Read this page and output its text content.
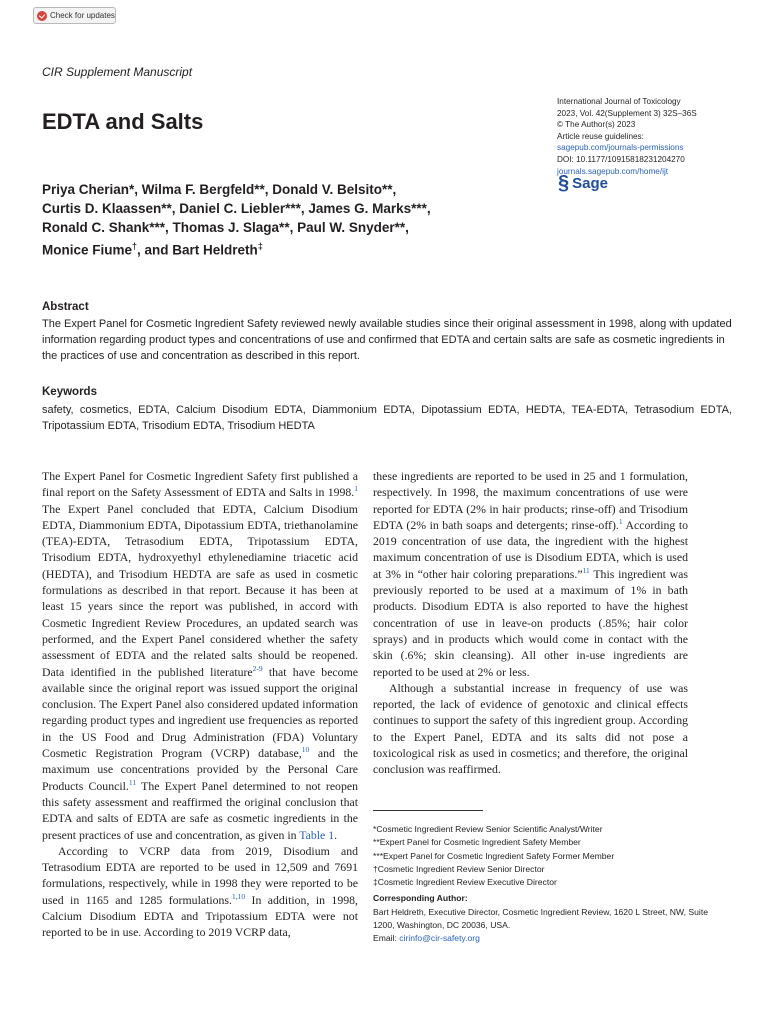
Check for updates
CIR Supplement Manuscript
EDTA and Salts
International Journal of Toxicology
2023, Vol. 42(Supplement 3) 32S–36S
© The Author(s) 2023
Article reuse guidelines:
sagepub.com/journals-permissions
DOI: 10.1177/10915818231204270
journals.sagepub.com/home/ijt
§ Sage
Priya Cherian*, Wilma F. Bergfeld**, Donald V. Belsito**,
Curtis D. Klaassen**, Daniel C. Liebler***, James G. Marks***,
Ronald C. Shank***, Thomas J. Slaga**, Paul W. Snyder**,
Monice Fiume†, and Bart Heldreth‡
Abstract
The Expert Panel for Cosmetic Ingredient Safety reviewed newly available studies since their original assessment in 1998, along with updated information regarding product types and concentrations of use and confirmed that EDTA and certain salts are safe as cosmetic ingredients in the practices of use and concentration as described in this report.
Keywords
safety, cosmetics, EDTA, Calcium Disodium EDTA, Diammonium EDTA, Dipotassium EDTA, HEDTA, TEA-EDTA, Tetrasodium EDTA, Tripotassium EDTA, Trisodium EDTA, Trisodium HEDTA

The Expert Panel for Cosmetic Ingredient Safety first published a final report on the Safety Assessment of EDTA and Salts in 1998.$^1$ The Expert Panel concluded that EDTA, Calcium Disodium EDTA, Diammonium EDTA, Dipotassium EDTA, triethanolamine (TEA)-EDTA, Tetrasodium EDTA, Tripotassium EDTA, Trisodium EDTA, hydroxyethyl ethylenediamine triacetic acid (HEDTA), and Trisodium HEDTA are safe as used in cosmetic formulations as described in that report. Because it has been at least 15 years since the report was published, in accord with Cosmetic Ingredient Review Procedures, an updated search was performed, and the Expert Panel considered whether the safety assessment of EDTA and the related salts should be reopened. Data identified in the published literature$^{2-9}$ that have become available since the original report was issued support the original conclusion. The Expert Panel also considered updated information regarding product types and ingredient use frequencies as reported in the US Food and Drug Administration (FDA) Voluntary Cosmetic Registration Program (VCRP) database,$^{10}$ and the maximum use concentrations provided by the Personal Care Products Council.$^{11}$ The Expert Panel determined to not reopen this safety assessment and reaffirmed the original conclusion that EDTA and salts of EDTA are safe as cosmetic ingredients in the present practices of use and concentration, as given in Table 1.

According to VCRP data from 2019, Disodium and Tetrasodium EDTA are reported to be used in 12,509 and 7691 formulations, respectively, while in 1998 they were reported to be used in 1165 and 1285 formulations.$^{1,10}$ In addition, in 1998, Calcium Disodium EDTA and Tripotassium EDTA were not reported to be in use. According to 2019 VCRP data,

these ingredients are reported to be used in 25 and 1 formulation, respectively. In 1998, the maximum concentrations of use were reported for EDTA (2% in hair products; rinse-off) and Trisodium EDTA (2% in bath soaps and detergents; rinse-off).$^1$ According to 2019 concentration of use data, the ingredient with the highest maximum concentration of use is Disodium EDTA, which is used at 3% in “other hair coloring preparations.”$^{11}$ This ingredient was previously reported to be used at a maximum of 1% in bath products. Disodium EDTA is also reported to have the highest concentration of use in leave-on products (.85%; hair color sprays) and in products which would come in contact with the skin (.6%; skin cleansing). All other in-use ingredients are reported to be used at 2% or less.

Although a substantial increase in frequency of use was reported, the lack of evidence of genotoxic and clinical effects continues to support the safety of this ingredient group. According to the Expert Panel, EDTA and its salts did not pose a toxicological risk as used in cosmetics; and therefore, the original conclusion was reaffirmed.

*Cosmetic Ingredient Review Senior Scientific Analyst/Writer
**Expert Panel for Cosmetic Ingredient Safety Member
***Expert Panel for Cosmetic Ingredient Safety Former Member
†Cosmetic Ingredient Review Senior Director
‡Cosmetic Ingredient Review Executive Director
Corresponding Author:
Bart Heldreth, Executive Director, Cosmetic Ingredient Review, 1620 L Street, NW, Suite 1200, Washington, DC 20036, USA.
Email: cirinfo@cir-safety.org
